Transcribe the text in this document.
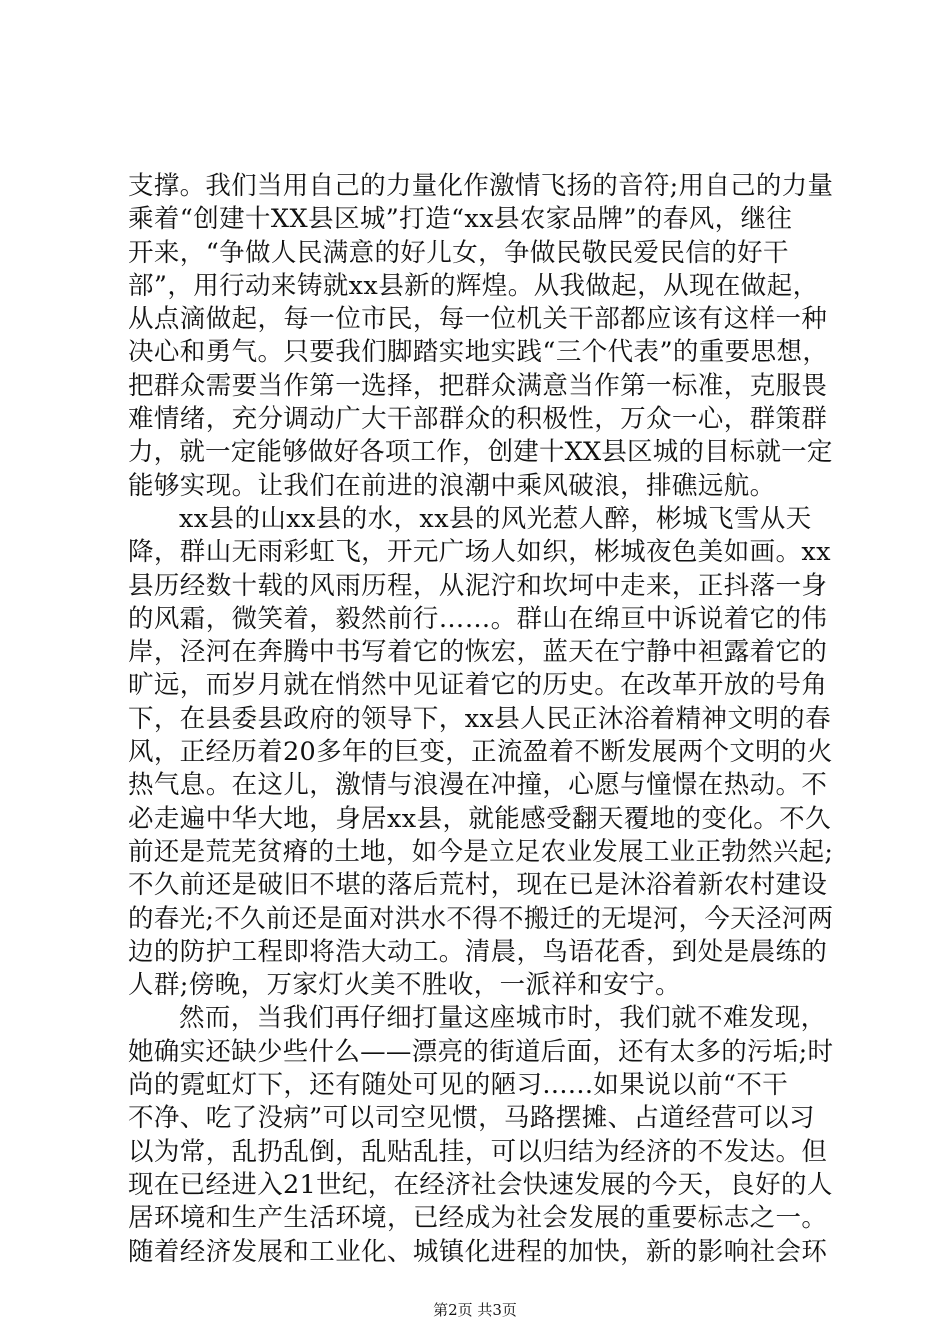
支撑。我们当用自己的力量化作激情飞扬的音符;用自己的力量
乘着“创建十XX县区城”打造“xx县农家品牌”的春风，继往
开来，“争做人民满意的好儿女，争做民敬民爱民信的好干
部”，用行动来铸就xx县新的辉煌。从我做起，从现在做起，
从点滴做起，每一位市民，每一位机关干部都应该有这样一种
决心和勇气。只要我们脚踏实地实践“三个代表”的重要思想，
把群众需要当作第一选择，把群众满意当作第一标准，克服畏
难情绪，充分调动广大干部群众的积极性，万众一心，群策群
力，就一定能够做好各项工作，创建十XX县区城的目标就一定
能够实现。让我们在前进的浪潮中乘风破浪，排礁远航。
xx县的山xx县的水，xx县的风光惹人醉，彬城飞雪从天
降，群山无雨彩虹飞，开元广场人如织，彬城夜色美如画。xx
县历经数十载的风雨历程，从泥泞和坎坷中走来，正抖落一身
的风霜，微笑着，毅然前行……。群山在绵亘中诉说着它的伟
岸，泾河在奔腾中书写着它的恢宏，蓝天在宁静中袒露着它的
旷远，而岁月就在悄然中见证着它的历史。在改革开放的号角
下，在县委县政府的领导下，xx县人民正沐浴着精神文明的春
风，正经历着20多年的巨变，正流盈着不断发展两个文明的火
热气息。在这儿，激情与浪漫在冲撞，心愿与憧憬在热动。不
必走遍中华大地，身居xx县，就能感受翻天覆地的变化。不久
前还是荒芜贫瘠的土地，如今是立足农业发展工业正勃然兴起;
不久前还是破旧不堪的落后荒村，现在已是沐浴着新农村建设
的春光;不久前还是面对洪水不得不搬迁的无堤河，今天泾河两
边的防护工程即将浩大动工。清晨，鸟语花香，到处是晨练的
人群;傍晚，万家灯火美不胜收，一派祥和安宁。
然而，当我们再仔细打量这座城市时，我们就不难发现，
她确实还缺少些什么——漂亮的街道后面，还有太多的污垢;时
尚的霓虹灯下，还有随处可见的陋习......如果说以前“不干
不净、吃了没病”可以司空见惯，马路摆摊、占道经营可以习
以为常，乱扔乱倒，乱贴乱挂，可以归结为经济的不发达。但
现在已经进入21世纪，在经济社会快速发展的今天，良好的人
居环境和生产生活环境，已经成为社会发展的重要标志之一。
随着经济发展和工业化、城镇化进程的加快，新的影响社会环
第2页 共3页
